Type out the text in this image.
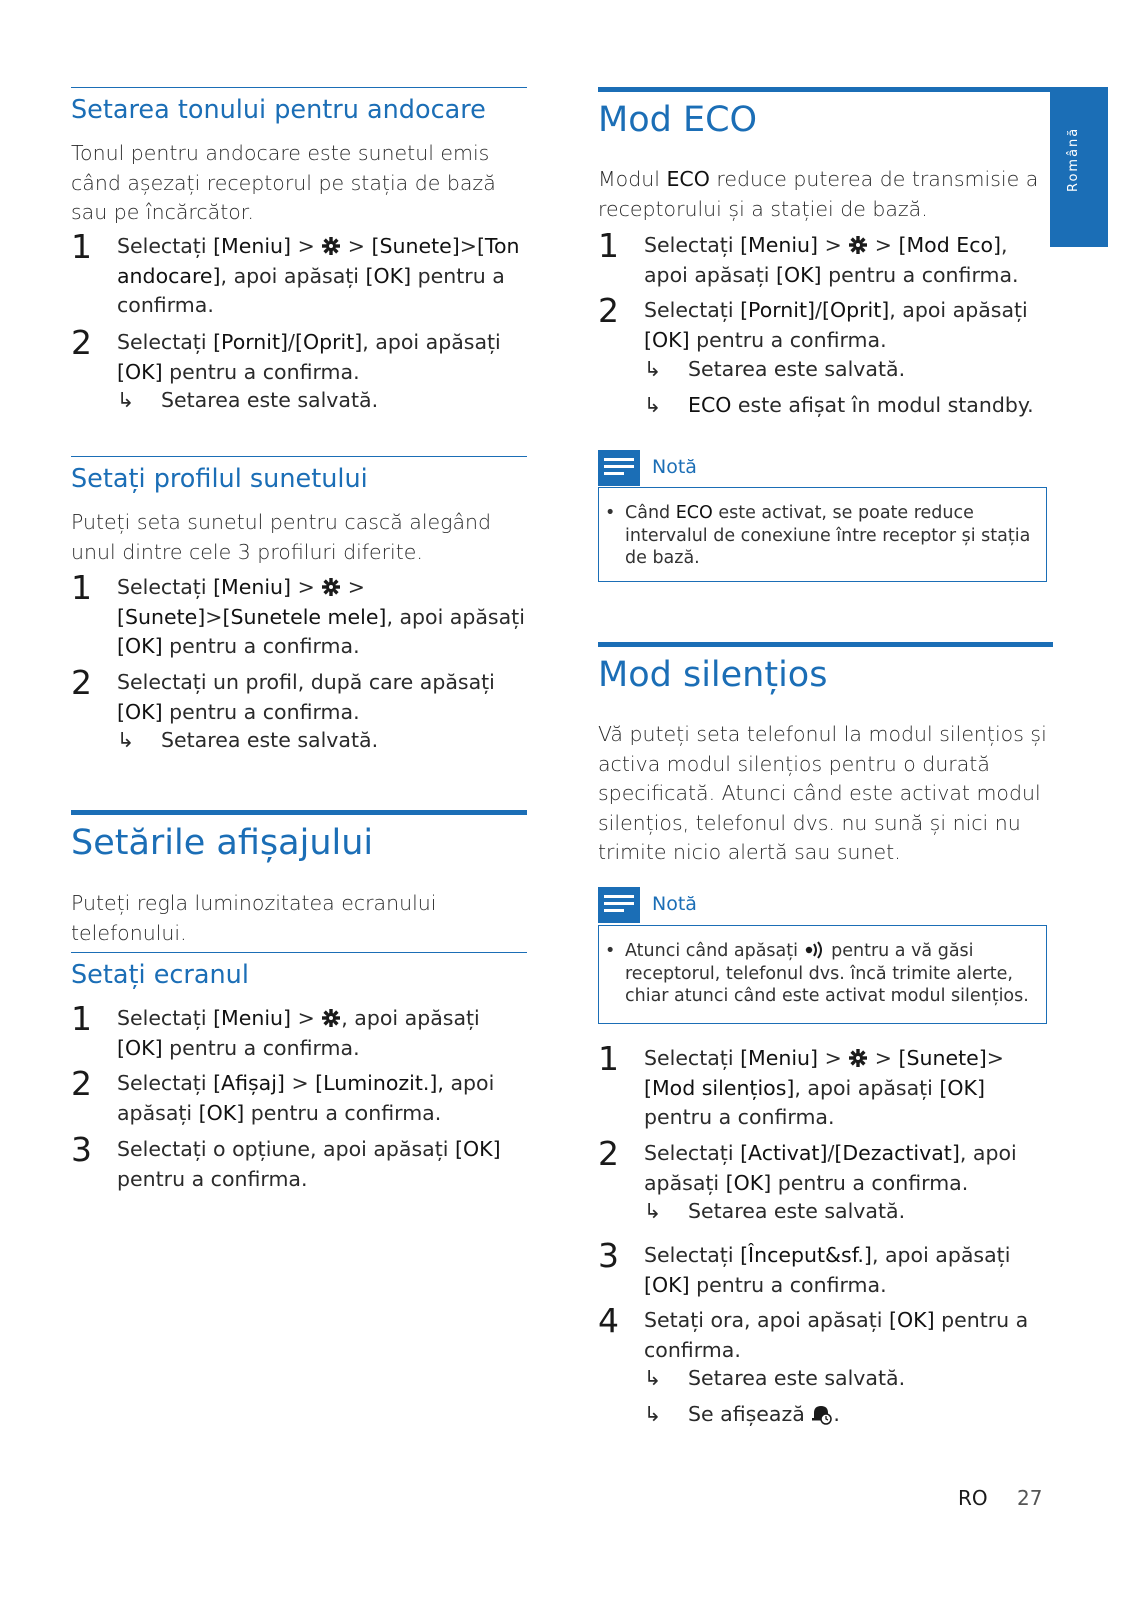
Română
Setarea tonului pentru andocare
Tonul pentru andocare este sunetul emis când așezați receptorul pe stația de bază sau pe încărcător.
1 Selectați [Meniu] >  > [Sunete]>[Ton andocare], apoi apăsați [OK] pentru a confirma.
2 Selectați [Pornit]/[Oprit], apoi apăsați [OK] pentru a confirma.
↳ Setarea este salvată.
Setați profilul sunetului
Puteți seta sunetul pentru cască alegând unul dintre cele 3 profiluri diferite.
1 Selectați [Meniu] >  >
[Sunete]>[Sunetele mele], apoi apăsați [OK] pentru a confirma.
2 Selectați un profil, după care apăsați [OK] pentru a confirma.
↳ Setarea este salvată.
Setările afișajului
Puteți regla luminozitatea ecranului telefonului.
Setați ecranul
1 Selectați [Meniu] > , apoi apăsați [OK] pentru a confirma.
2 Selectați [Afișaj] > [Luminozit.], apoi apăsați [OK] pentru a confirma.
3 Selectați o opțiune, apoi apăsați [OK] pentru a confirma.
Mod ECO
Modul ECO reduce puterea de transmisie a receptorului și a stației de bază.
1 Selectați [Meniu] >  > [Mod Eco], apoi apăsați [OK] pentru a confirma.
2 Selectați [Pornit]/[Oprit], apoi apăsați [OK] pentru a confirma.
↳ Setarea este salvată.
↳ ECO este afișat în modul standby.
Notă
• Când ECO este activat, se poate reduce intervalul de conexiune între receptor și stația de bază.
Mod silențios
Vă puteți seta telefonul la modul silențios și activa modul silențios pentru o durată specificată. Atunci când este activat modul silențios, telefonul dvs. nu sună și nici nu trimite nicio alertă sau sunet.
Notă
• Atunci când apăsați  pentru a vă găsi receptorul, telefonul dvs. încă trimite alerte, chiar atunci când este activat modul silențios.
1 Selectați [Meniu] >  > [Sunete]>[Mod silențios], apoi apăsați [OK] pentru a confirma.
2 Selectați [Activat]/[Dezactivat], apoi apăsați [OK] pentru a confirma.
↳ Setarea este salvată.
3 Selectați [Început&sf.], apoi apăsați [OK] pentru a confirma.
4 Setați ora, apoi apăsați [OK] pentru a confirma.
↳ Setarea este salvată.
↳ Se afișează .
RO 27
